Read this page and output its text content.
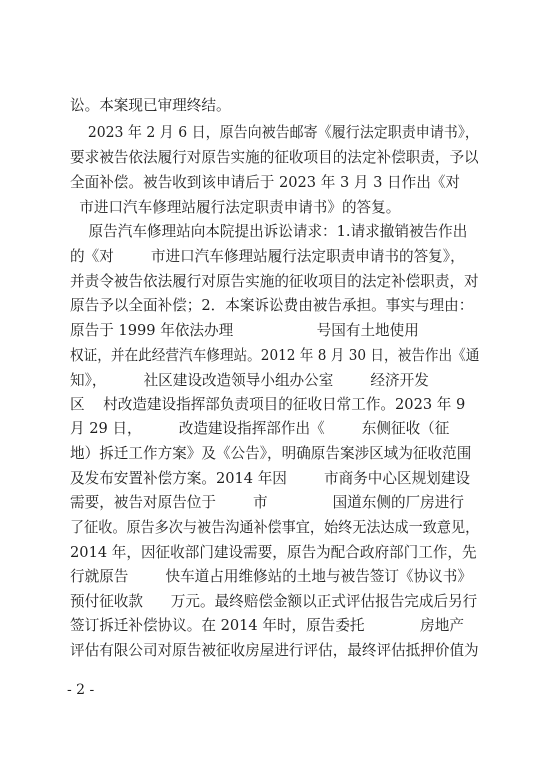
讼。本案现已审理终结。
2023 年 2 月 6 日，原告向被告邮寄《履行法定职责申请书》，
要求被告依法履行对原告实施的征收项目的法定补偿职责，予以
全面补偿。被告收到该申请后于 2023 年 3 月 3 日作出《对
市进口汽车修理站履行法定职责申请书》的答复。
原告汽车修理站向本院提出诉讼请求：1.请求撤销被告作出
的《对        市进口汽车修理站履行法定职责申请书的答复》，
并责令被告依法履行对原告实施的征收项目的法定补偿职责，对
原告予以全面补偿；2．本案诉讼费由被告承担。事实与理由：
原告于 1999 年依法办理                  号国有土地使用
权证，并在此经营汽车修理站。2012 年 8 月 30 日，被告作出《通
知》，        社区建设改造领导小组办公室        经济开发
区    村改造建设指挥部负责项目的征收日常工作。2023 年 9
月 29 日，        改造建设指挥部作出《        东侧征收（征
地）拆迁工作方案》及《公告》，明确原告案涉区域为征收范围
及发布安置补偿方案。2014 年因        市商务中心区规划建设
需要，被告对原告位于        市              国道东侧的厂房进行
了征收。原告多次与被告沟通补偿事宜，始终无法达成一致意见，
2014 年，因征收部门建设需要，原告为配合政府部门工作，先
行就原告        快车道占用维修站的土地与被告签订《协议书》
预付征收款      万元。最终赔偿金额以正式评估报告完成后另行
签订拆迁补偿协议。在 2014 年时，原告委托            房地产
评估有限公司对原告被征收房屋进行评估，最终评估抵押价值为
- 2 -
